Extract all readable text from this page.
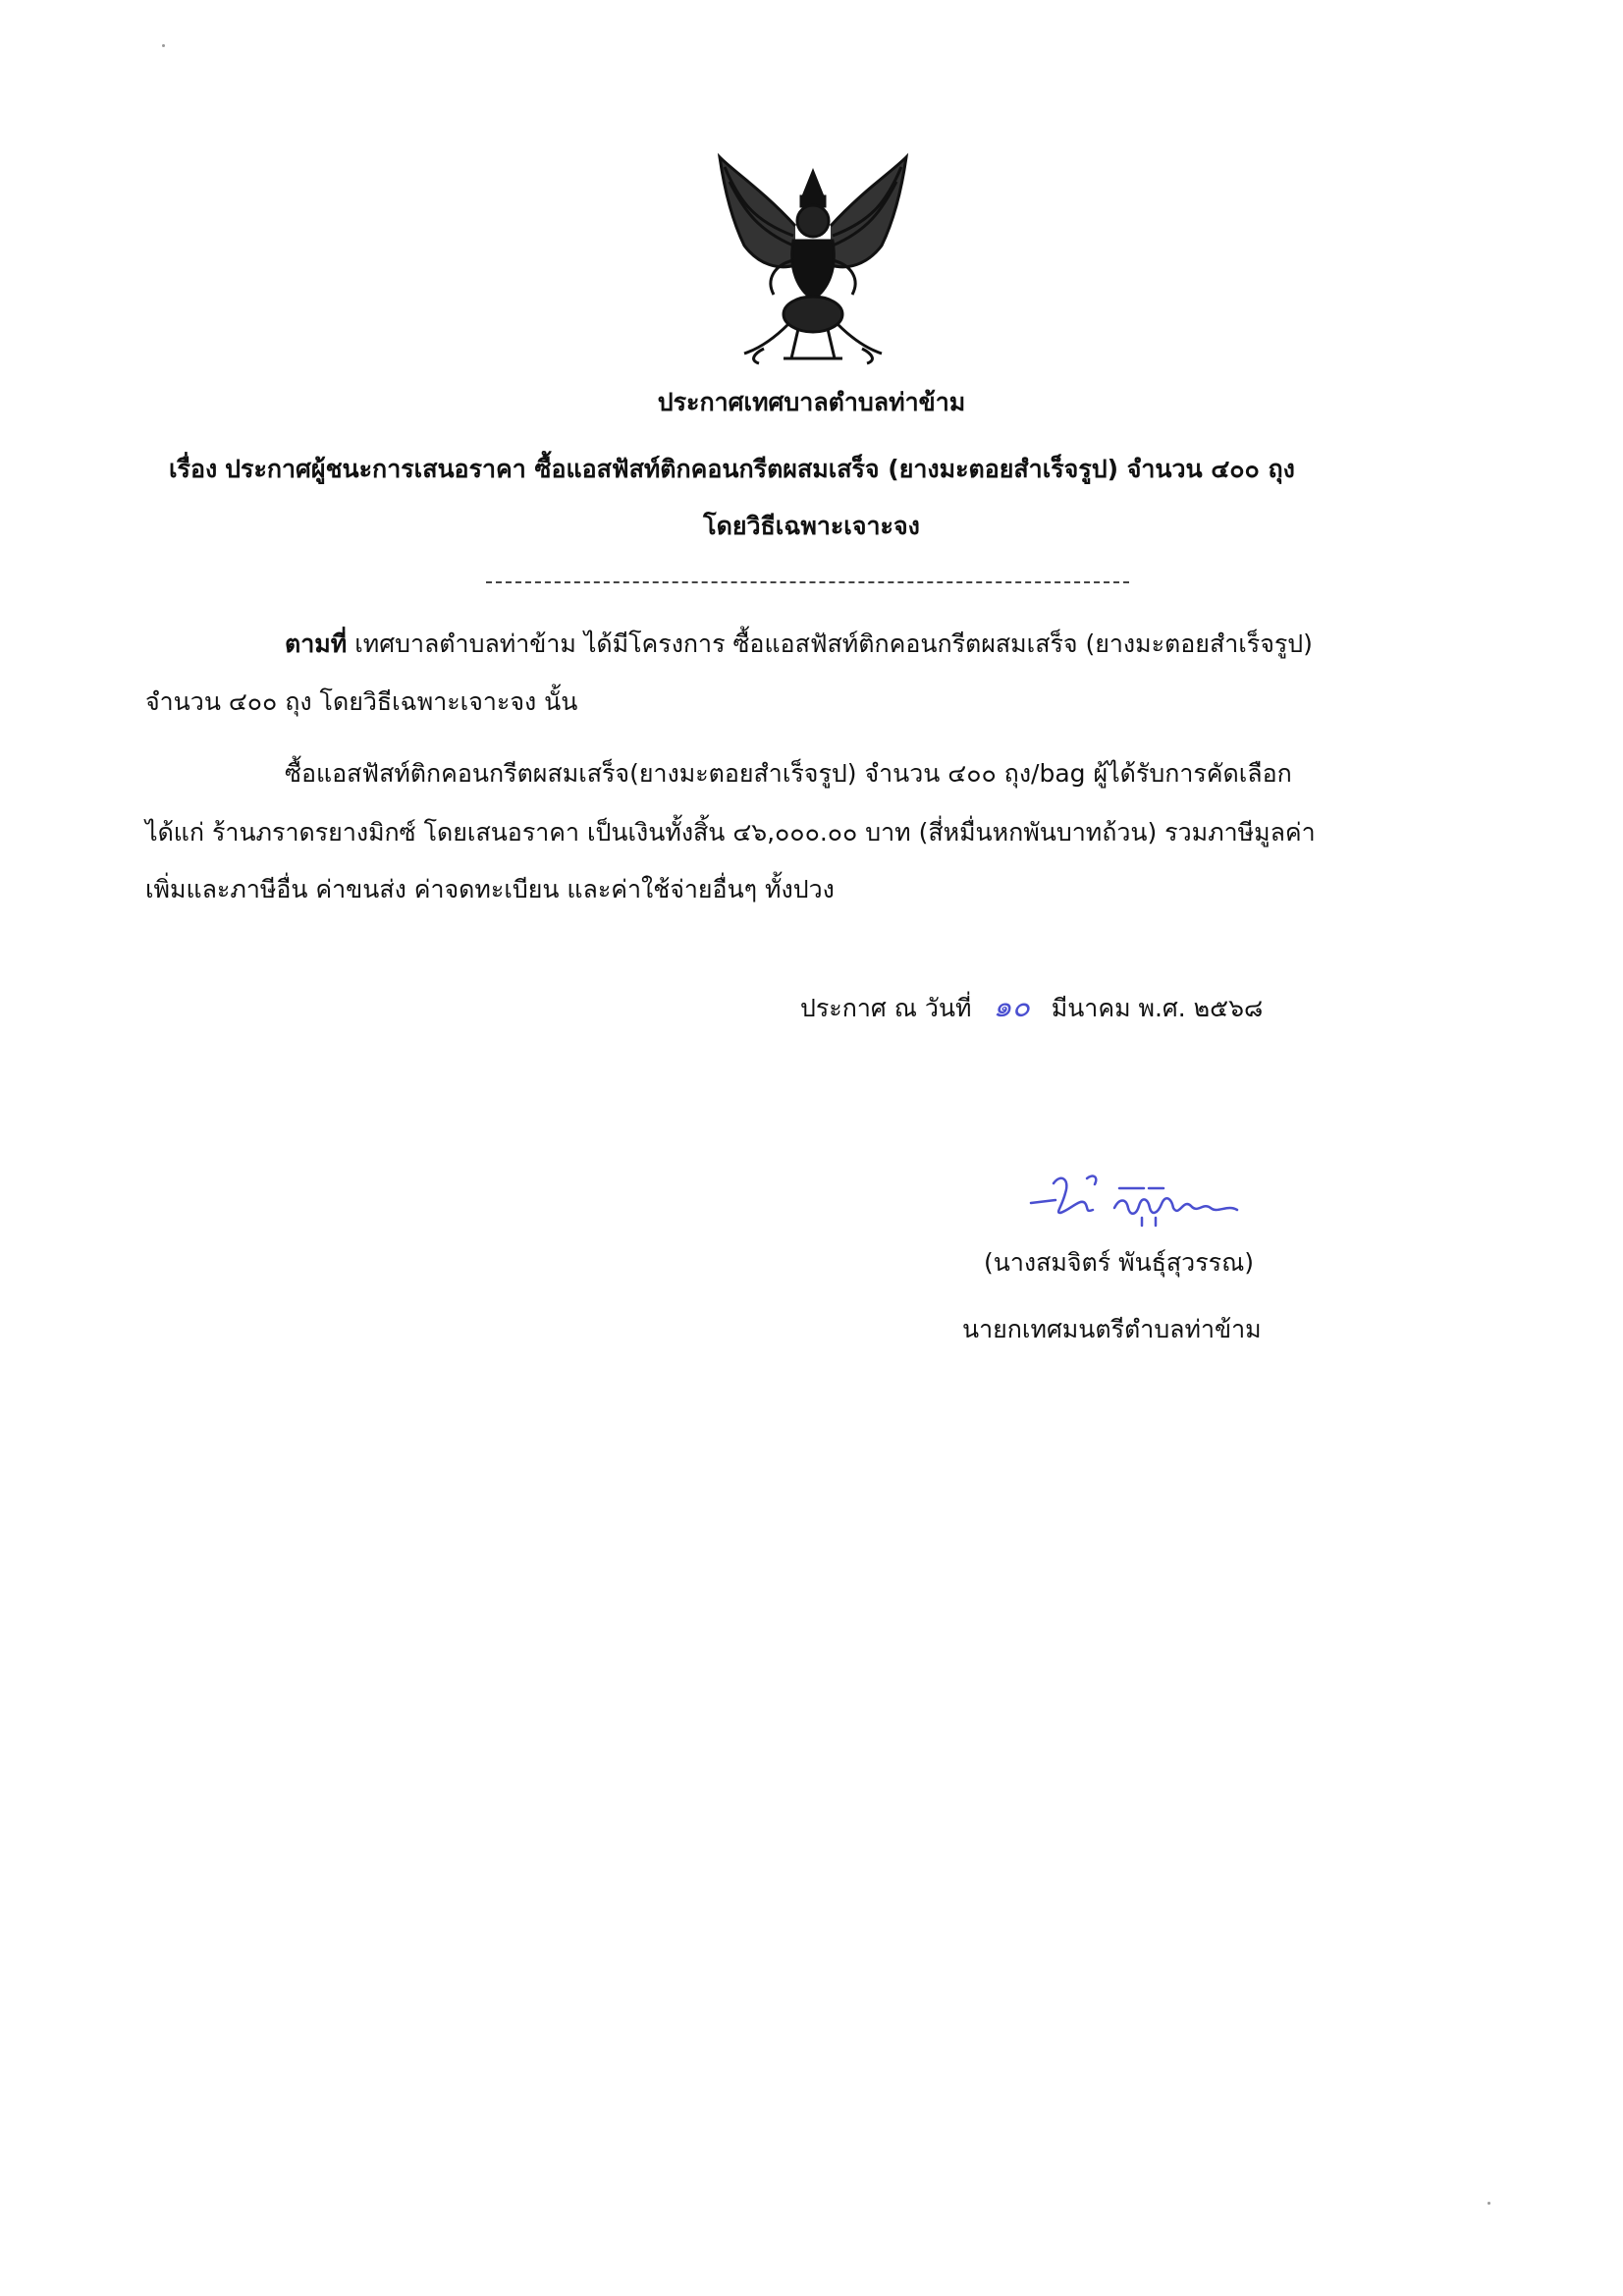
ประกาศเทศบาลตำบลท่าข้าม
เรื่อง ประกาศผู้ชนะการเสนอราคา ซื้อแอสฟัสท์ติกคอนกรีตผสมเสร็จ (ยางมะตอยสำเร็จรูป) จำนวน ๔๐๐ ถุง
โดยวิธีเฉพาะเจาะจง
ตามที่ เทศบาลตำบลท่าข้าม ได้มีโครงการ ซื้อแอสฟัสท์ติกคอนกรีตผสมเสร็จ (ยางมะตอยสำเร็จรูป)
จำนวน ๔๐๐ ถุง โดยวิธีเฉพาะเจาะจง นั้น
ซื้อแอสฟัสท์ติกคอนกรีตผสมเสร็จ(ยางมะตอยสำเร็จรูป) จำนวน ๔๐๐ ถุง/bag ผู้ได้รับการคัดเลือก
ได้แก่ ร้านภราดรยางมิกซ์ โดยเสนอราคา เป็นเงินทั้งสิ้น ๔๖,๐๐๐.๐๐ บาท (สี่หมื่นหกพันบาทถ้วน) รวมภาษีมูลค่า
เพิ่มและภาษีอื่น ค่าขนส่ง ค่าจดทะเบียน และค่าใช้จ่ายอื่นๆ ทั้งปวง
ประกาศ ณ วันที่ ๑๐ มีนาคม พ.ศ. ๒๕๖๘
(นางสมจิตร์ พันธุ์สุวรรณ)
นายกเทศมนตรีตำบลท่าข้าม
